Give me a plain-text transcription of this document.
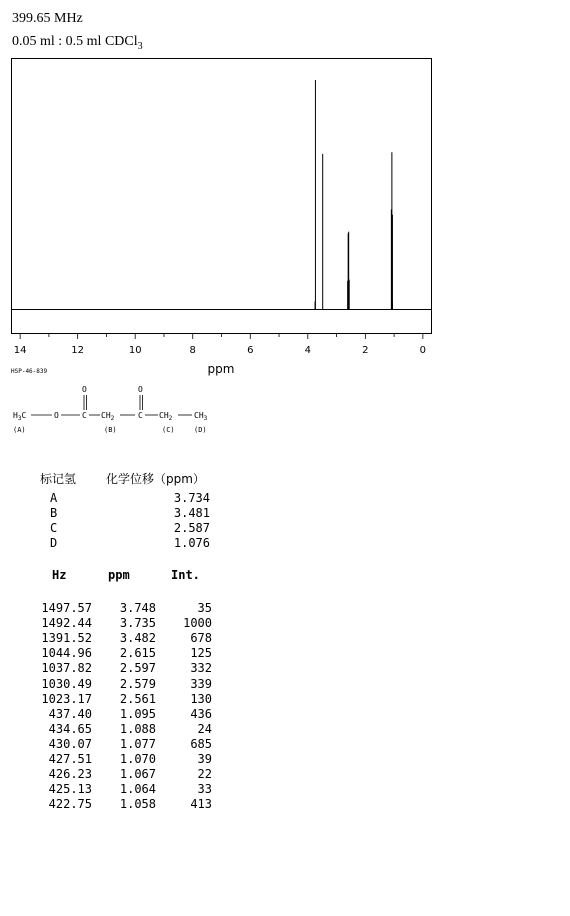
399.65 MHz
0.05 ml : 0.5 ml CDCl$_3$
14	12	10	8	6	4	2	0
ppm
HSP-46-839
$H_3C$	O	C
O
$CH_2$	C
O
$CH_2$	$CH_3$
(A)	(B)	(C)	(D)
标记氢 化学位移（ppm）
A	3.734
B	3.481
C	2.587
D	1.076
Hz	ppm	Int.
1497.57 3.748	35
1492.44 3.735 1000
1391.52 3.482	678
1044.96 2.615	125
1037.82 2.597	332
1030.49 2.579	339
1023.17 2.561	130
437.40 1.095	436
434.65 1.088	24
430.07 1.077	685
427.51 1.070	39
426.23 1.067	22
425.13 1.064	33
422.75 1.058	413
